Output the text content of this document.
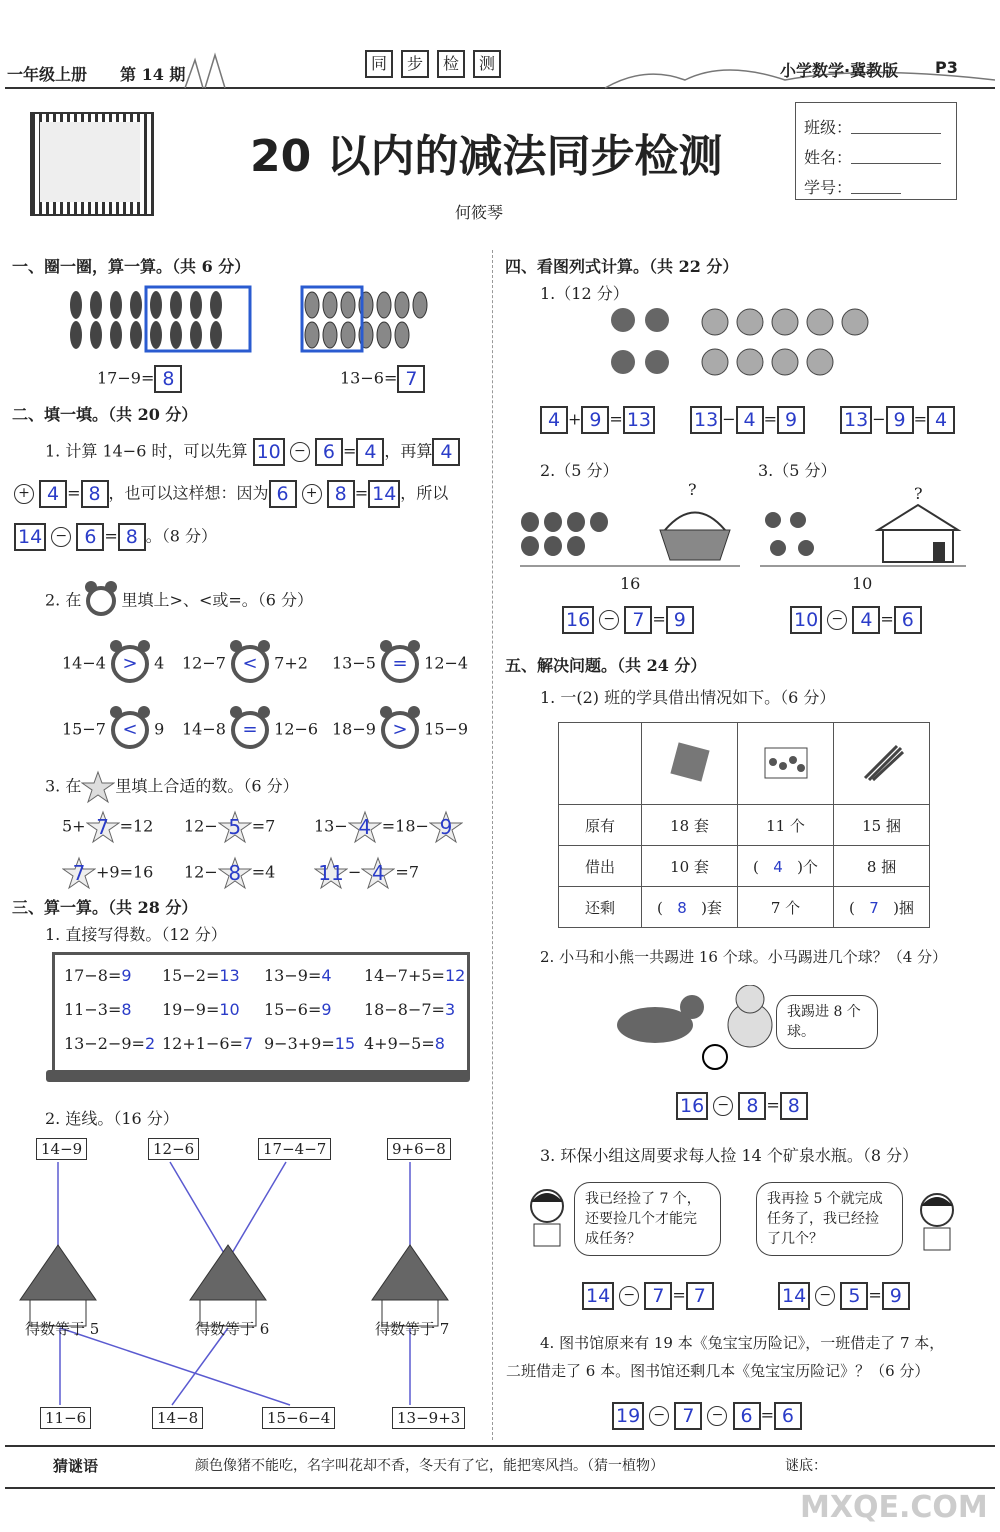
一年级上册 第 14 期
同	步	检	测	小学数学·冀教版 P3
20 以内的减法同步检测
何筱琴
班级：
姓名：
学号：
一、圈一圈，算一算。（共 6 分）
17−9= 8	13−6= 7
二、填一填。（共 20 分）
1. 计算 14−6 时，可以先算 10 − 6 = 4 ，再算 4
+ 4 = 8 ，也可以这样想：因为 6 + 8 = 14 ，所以
14 − 6 = 8 。（8 分）
2. 在	里填上>、<或=。（6 分）
14−4 > 4 12−7 < 7+2 13−5 = 12−4
15−7 < 9 14−8 = 12−6 18−9 > 15−9
3. 在 里填上合适的数。（6 分）
5+ 7 =12 12− 5 =7 13− 4 =18− 9
7 +9=16 12− 8 =4 11 − 4 =7
三、算一算。（共 28 分）
1. 直接写得数。（12 分）
17−8=9 15−2=13 13−9=4 14−7+5=12
11−3=8 19−9=10 15−6=9 18−8−7=3
13−2−9=2 12+1−6=7 9−3+9=15 4+9−5=8
2. 连线。（16 分）
14−9	12−6	17−4−7	9+6−8
得数等于 5	得数等于 6	得数等于 7
11−6	14−8	15−6−4	13−9+3
四、看图列式计算。（共 22 分）
1.（12 分）
4 + 9 = 13 13 − 4 = 9	13 − 9 = 4
2.（5 分）	3.（5 分）
?
16
?
10
16 − 7 = 9	10 − 4 = 6
五、解决问题。（共 24 分）
1. 一(2) 班的学具借出情况如下。（6 分）

原有	18 套	11 个	15 捆
借出	10 套	( 4 )个	8 捆
还剩	( 8 )套	7 个	( 7 )捆
2. 小马和小熊一共踢进 16 个球。小马踢进几个球？（4 分）
我踢进 8 个球。
16 − 8 = 8
3. 环保小组这周要求每人捡 14 个矿泉水瓶。（8 分）
我已经捡了 7 个，还要捡几个才能完成任务？
我再捡 5 个就完成任务了，我已经捡了几个？
14 − 7 = 7	14 − 5 = 9
4. 图书馆原来有 19 本《兔宝宝历险记》，一班借走了 7 本，
二班借走了 6 本。图书馆还剩几本《兔宝宝历险记》？（6 分）
19 − 7 − 6 = 6
猜谜语	颜色像猪不能吃，名字叫花却不香，冬天有了它，能把寒风挡。（猜一植物）	谜底：
MXQE.COM
